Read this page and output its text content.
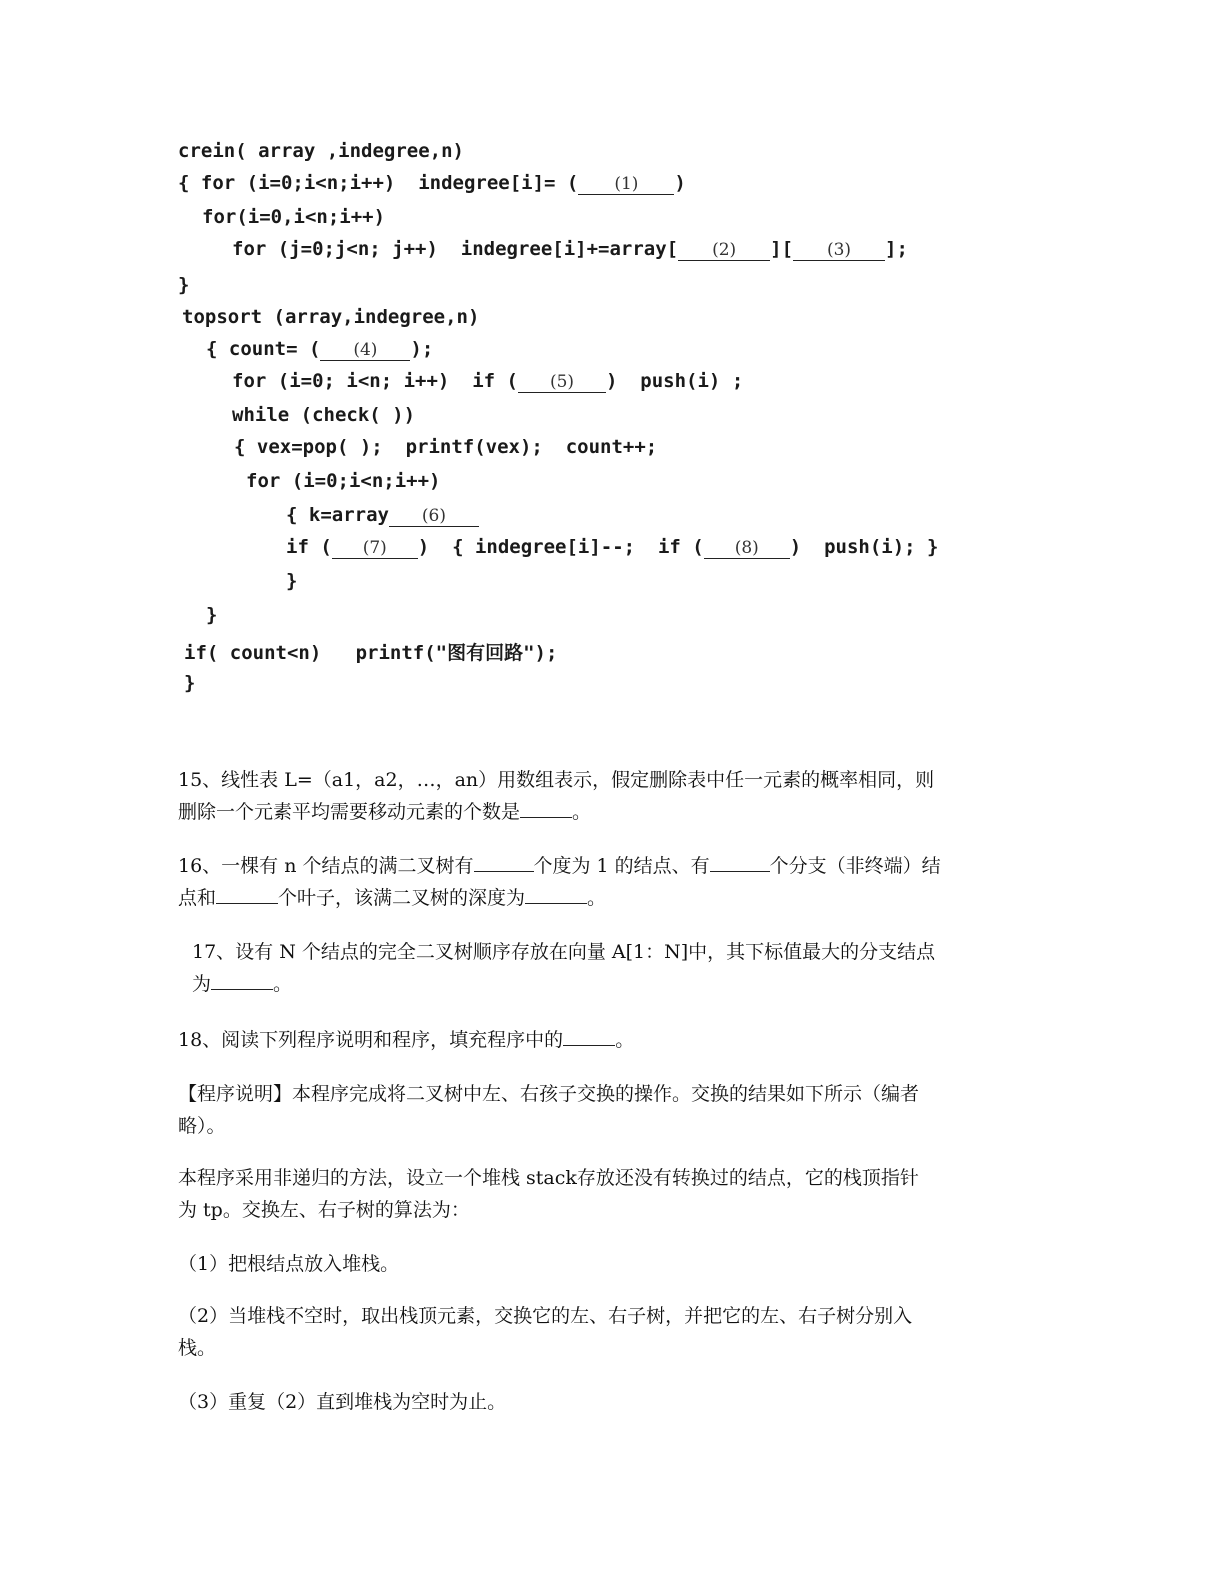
crein( array ,indegree,n)
{ for (i=0;i<n;i++)  indegree[i]= ( (1) )
for(i=0,i<n;i++)
for (j=0;j<n; j++)  indegree[i]+=array[ (2) ][ (3) ];
}
topsort (array,indegree,n)
{ count= ( (4) );
for (i=0; i<n; i++)  if ( (5) )  push(i) ;
while (check( ))
{ vex=pop( );  printf(vex);  count++;
for (i=0;i<n;i++)
{ k=array (6)
if ( (7) )  { indegree[i]--;  if ( (8) )  push(i); }
}
}
if( count<n)   printf("图有回路");
}
15、线性表 L=（a1，a2，…，an）用数组表示，假定删除表中任一元素的概率相同，则
删除一个元素平均需要移动元素的个数是	。
16、一棵有 n 个结点的满二叉树有	个度为 1 的结点、有	个分支（非终端）结
点和	个叶子，该满二叉树的深度为	。
17、设有 N 个结点的完全二叉树顺序存放在向量 A[1：N]中，其下标值最大的分支结点
为	。
18、阅读下列程序说明和程序，填充程序中的	。
【程序说明】本程序完成将二叉树中左、右孩子交换的操作。交换的结果如下所示（编者
略）。
本程序采用非递归的方法，设立一个堆栈 stack存放还没有转换过的结点，它的栈顶指针
为 tp。交换左、右子树的算法为：
（1）把根结点放入堆栈。
（2）当堆栈不空时，取出栈顶元素，交换它的左、右子树，并把它的左、右子树分别入
栈。
（3）重复（2）直到堆栈为空时为止。
